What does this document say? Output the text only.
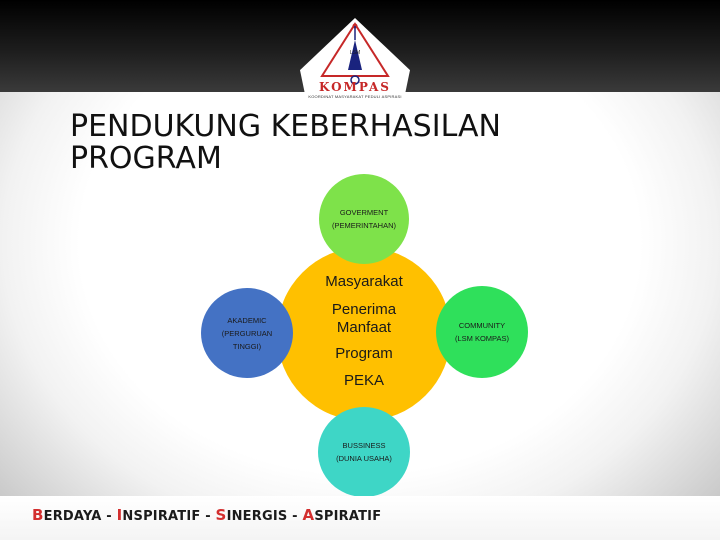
LSM
KOMPAS
KOORDINAT MASYARAKAT PEDULI ASPIRASI
PENDUKUNG KEBERHASILAN
PROGRAM
Masyarakat
Penerima
Manfaat
Program
PEKA
GOVERMENT
(PEMERINTAHAN)
AKADEMIC
(PERGURUAN
TINGGI)
COMMUNITY
(LSM KOMPAS)
BUSSINESS
(DUNIA USAHA)
BERDAYA - INSPIRATIF - SINERGIS - ASPIRATIF
